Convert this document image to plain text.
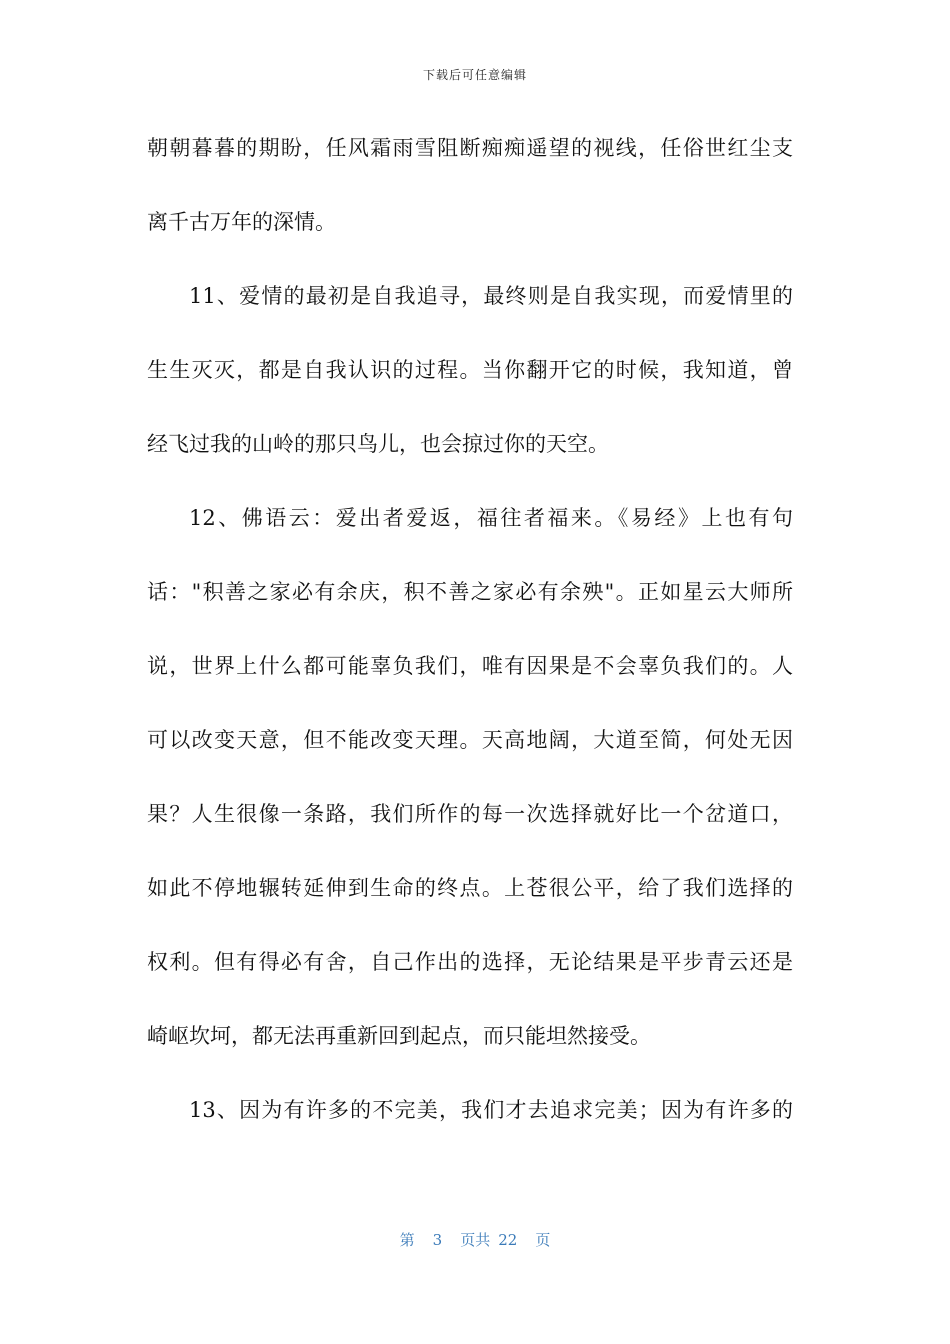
下载后可任意编辑
朝朝暮暮的期盼，任风霜雨雪阻断痴痴遥望的视线，任俗世红尘支
离千古万年的深情。
11、爱情的最初是自我追寻，最终则是自我实现，而爱情里的
生生灭灭，都是自我认识的过程。当你翻开它的时候，我知道，曾
经飞过我的山岭的那只鸟儿，也会掠过你的天空。
12、佛语云：爱出者爱返，福往者福来。《易经》上也有句
话："积善之家必有余庆，积不善之家必有余殃"。正如星云大师所
说，世界上什么都可能辜负我们，唯有因果是不会辜负我们的。人
可以改变天意，但不能改变天理。天高地阔，大道至简，何处无因
果？人生很像一条路，我们所作的每一次选择就好比一个岔道口，
如此不停地辗转延伸到生命的终点。上苍很公平，给了我们选择的
权利。但有得必有舍，自己作出的选择，无论结果是平步青云还是
崎岖坎坷，都无法再重新回到起点，而只能坦然接受。
13、因为有许多的不完美，我们才去追求完美；因为有许多的
第 3 页共 22 页
